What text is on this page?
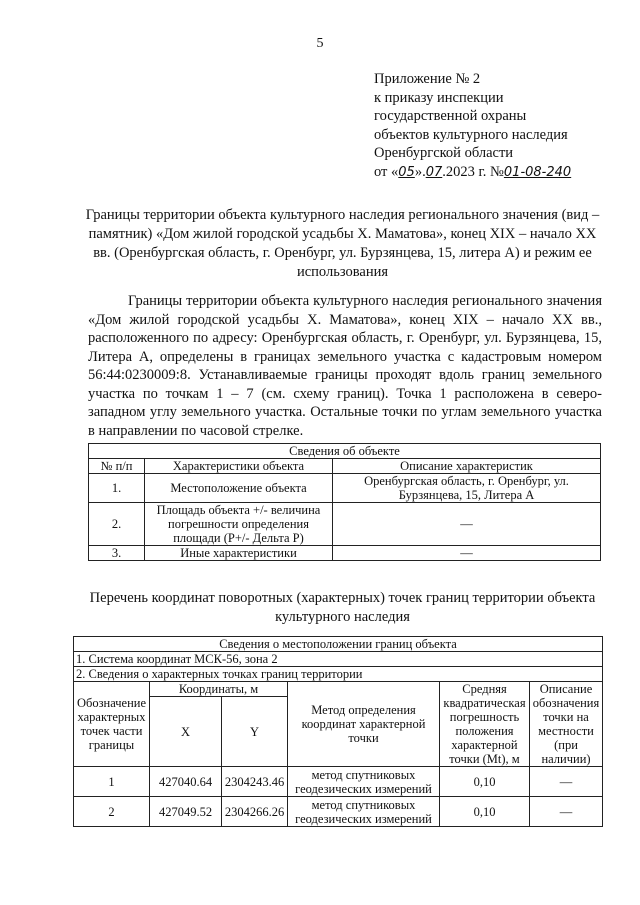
5
Приложение № 2
к приказу инспекции
государственной охраны
объектов культурного наследия
Оренбургской области
от «05».07.2023 г. №01-08-240
Границы территории объекта культурного наследия регионального значения (вид – памятник) «Дом жилой городской усадьбы Х. Маматова», конец XIX – начало XX вв. (Оренбургская область, г. Оренбург, ул. Бурзянцева, 15, литера А) и режим ее использования

Границы территории объекта культурного наследия регионального значения «Дом жилой городской усадьбы Х. Маматова», конец XIX – начало XX вв., расположенного по адресу: Оренбургская область, г. Оренбург, ул. Бурзянцева, 15, Литера А, определены в границах земельного участка с кадастровым номером 56:44:0230009:8. Устанавливаемые границы проходят вдоль границ земельного участка по точкам 1 – 7 (см. схему границ). Точка 1 расположена в северо-западном углу земельного участка. Остальные точки по углам земельного участка в направлении по часовой стрелке.

Сведения об объекте		
№ п/п	Характеристики объекта	Описание характеристик
1.	Местоположение объекта	Оренбургская область, г. Оренбург, ул. Бурзянцева, 15, Литера А
2.	Площадь объекта +/- величина погрешности определения площади (P+/- Дельта P)	—
3.	Иные характеристики	—
Перечень координат поворотных (характерных) точек границ территории объекта культурного наследия
Сведения о местоположении границ объекта					
1. Система координат МСК-56, зона 2					
2. Сведения о характерных точках границ территории					
Обозначение характерных точек части границы	Координаты, м		Метод определения координат характерной точки	Средняя квадратическая погрешность положения характерной точки (Mt), м	Описание обозначения точки на местности (при наличии)
	X	Y			
1	427040.64	2304243.46	метод спутниковых геодезических измерений	0,10	—
2	427049.52	2304266.26	метод спутниковых геодезических измерений	0,10	—
